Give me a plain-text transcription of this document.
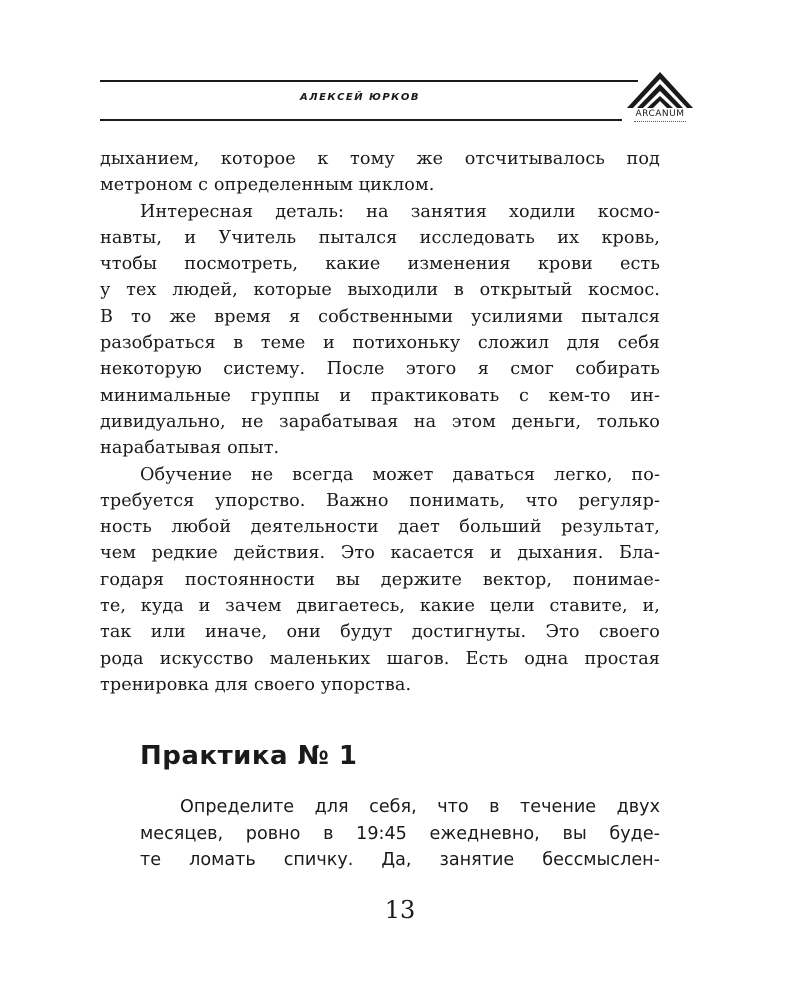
АЛЕКСЕЙ ЮРКОВ
ARCANUM
дыханием, которое к тому же отсчитывалось под
метроном с определенным циклом.
Интересная деталь: на занятия ходили космо-
навты, и Учитель пытался исследовать их кровь,
чтобы посмотреть, какие изменения крови есть
у тех людей, которые выходили в открытый космос.
В то же время я собственными усилиями пытался
разобраться в теме и потихоньку сложил для себя
некоторую систему. После этого я смог собирать
минимальные группы и практиковать с кем-то ин-
дивидуально, не зарабатывая на этом деньги, только
нарабатывая опыт.
Обучение не всегда может даваться легко, по-
требуется упорство. Важно понимать, что регуляр-
ность любой деятельности дает больший результат,
чем редкие действия. Это касается и дыхания. Бла-
годаря постоянности вы держите вектор, понимае-
те, куда и зачем двигаетесь, какие цели ставите, и,
так или иначе, они будут достигнуты. Это своего
рода искусство маленьких шагов. Есть одна простая
тренировка для своего упорства.
Практика № 1
Определите для себя, что в течение двух
месяцев, ровно в 19:45 ежедневно, вы буде-
те ломать спичку. Да, занятие бессмыслен-
13
